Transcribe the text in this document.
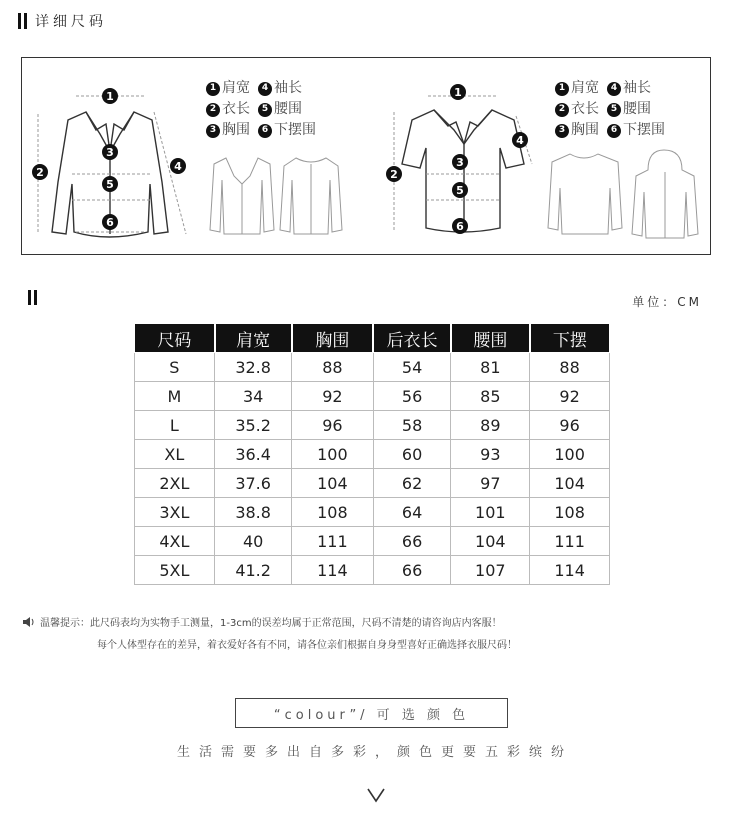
详细尺码
1
2
3
4
5
6
1 肩宽	4 袖长
2 衣长	5 腰围
3 胸围	6 下摆围
1
2
3
4
5
6
1 肩宽	4 袖长
2 衣长	5 腰围
3 胸围	6 下摆围
单位：CM
尺码	肩宽	胸围	后衣长	腰围	下摆
S	32.8	88	54	81	88
M	34	92	56	85	92
L	35.2	96	58	89	96
XL	36.4	100	60	93	100
2XL	37.6	104	62	97	104
3XL	38.8	108	64	101	108
4XL	40	111	66	104	111
5XL	41.2	114	66	107	114
温馨提示：此尺码表均为实物手工测量，1-3cm的误差均属于正常范围，尺码不清楚的请咨询店内客服！
每个人体型存在的差异，着衣爱好各有不同，请各位亲们根据自身身型喜好正确选择衣服尺码！
“colour”/ 可 选 颜 色
生活需要多出自多彩，颜色更要五彩缤纷
